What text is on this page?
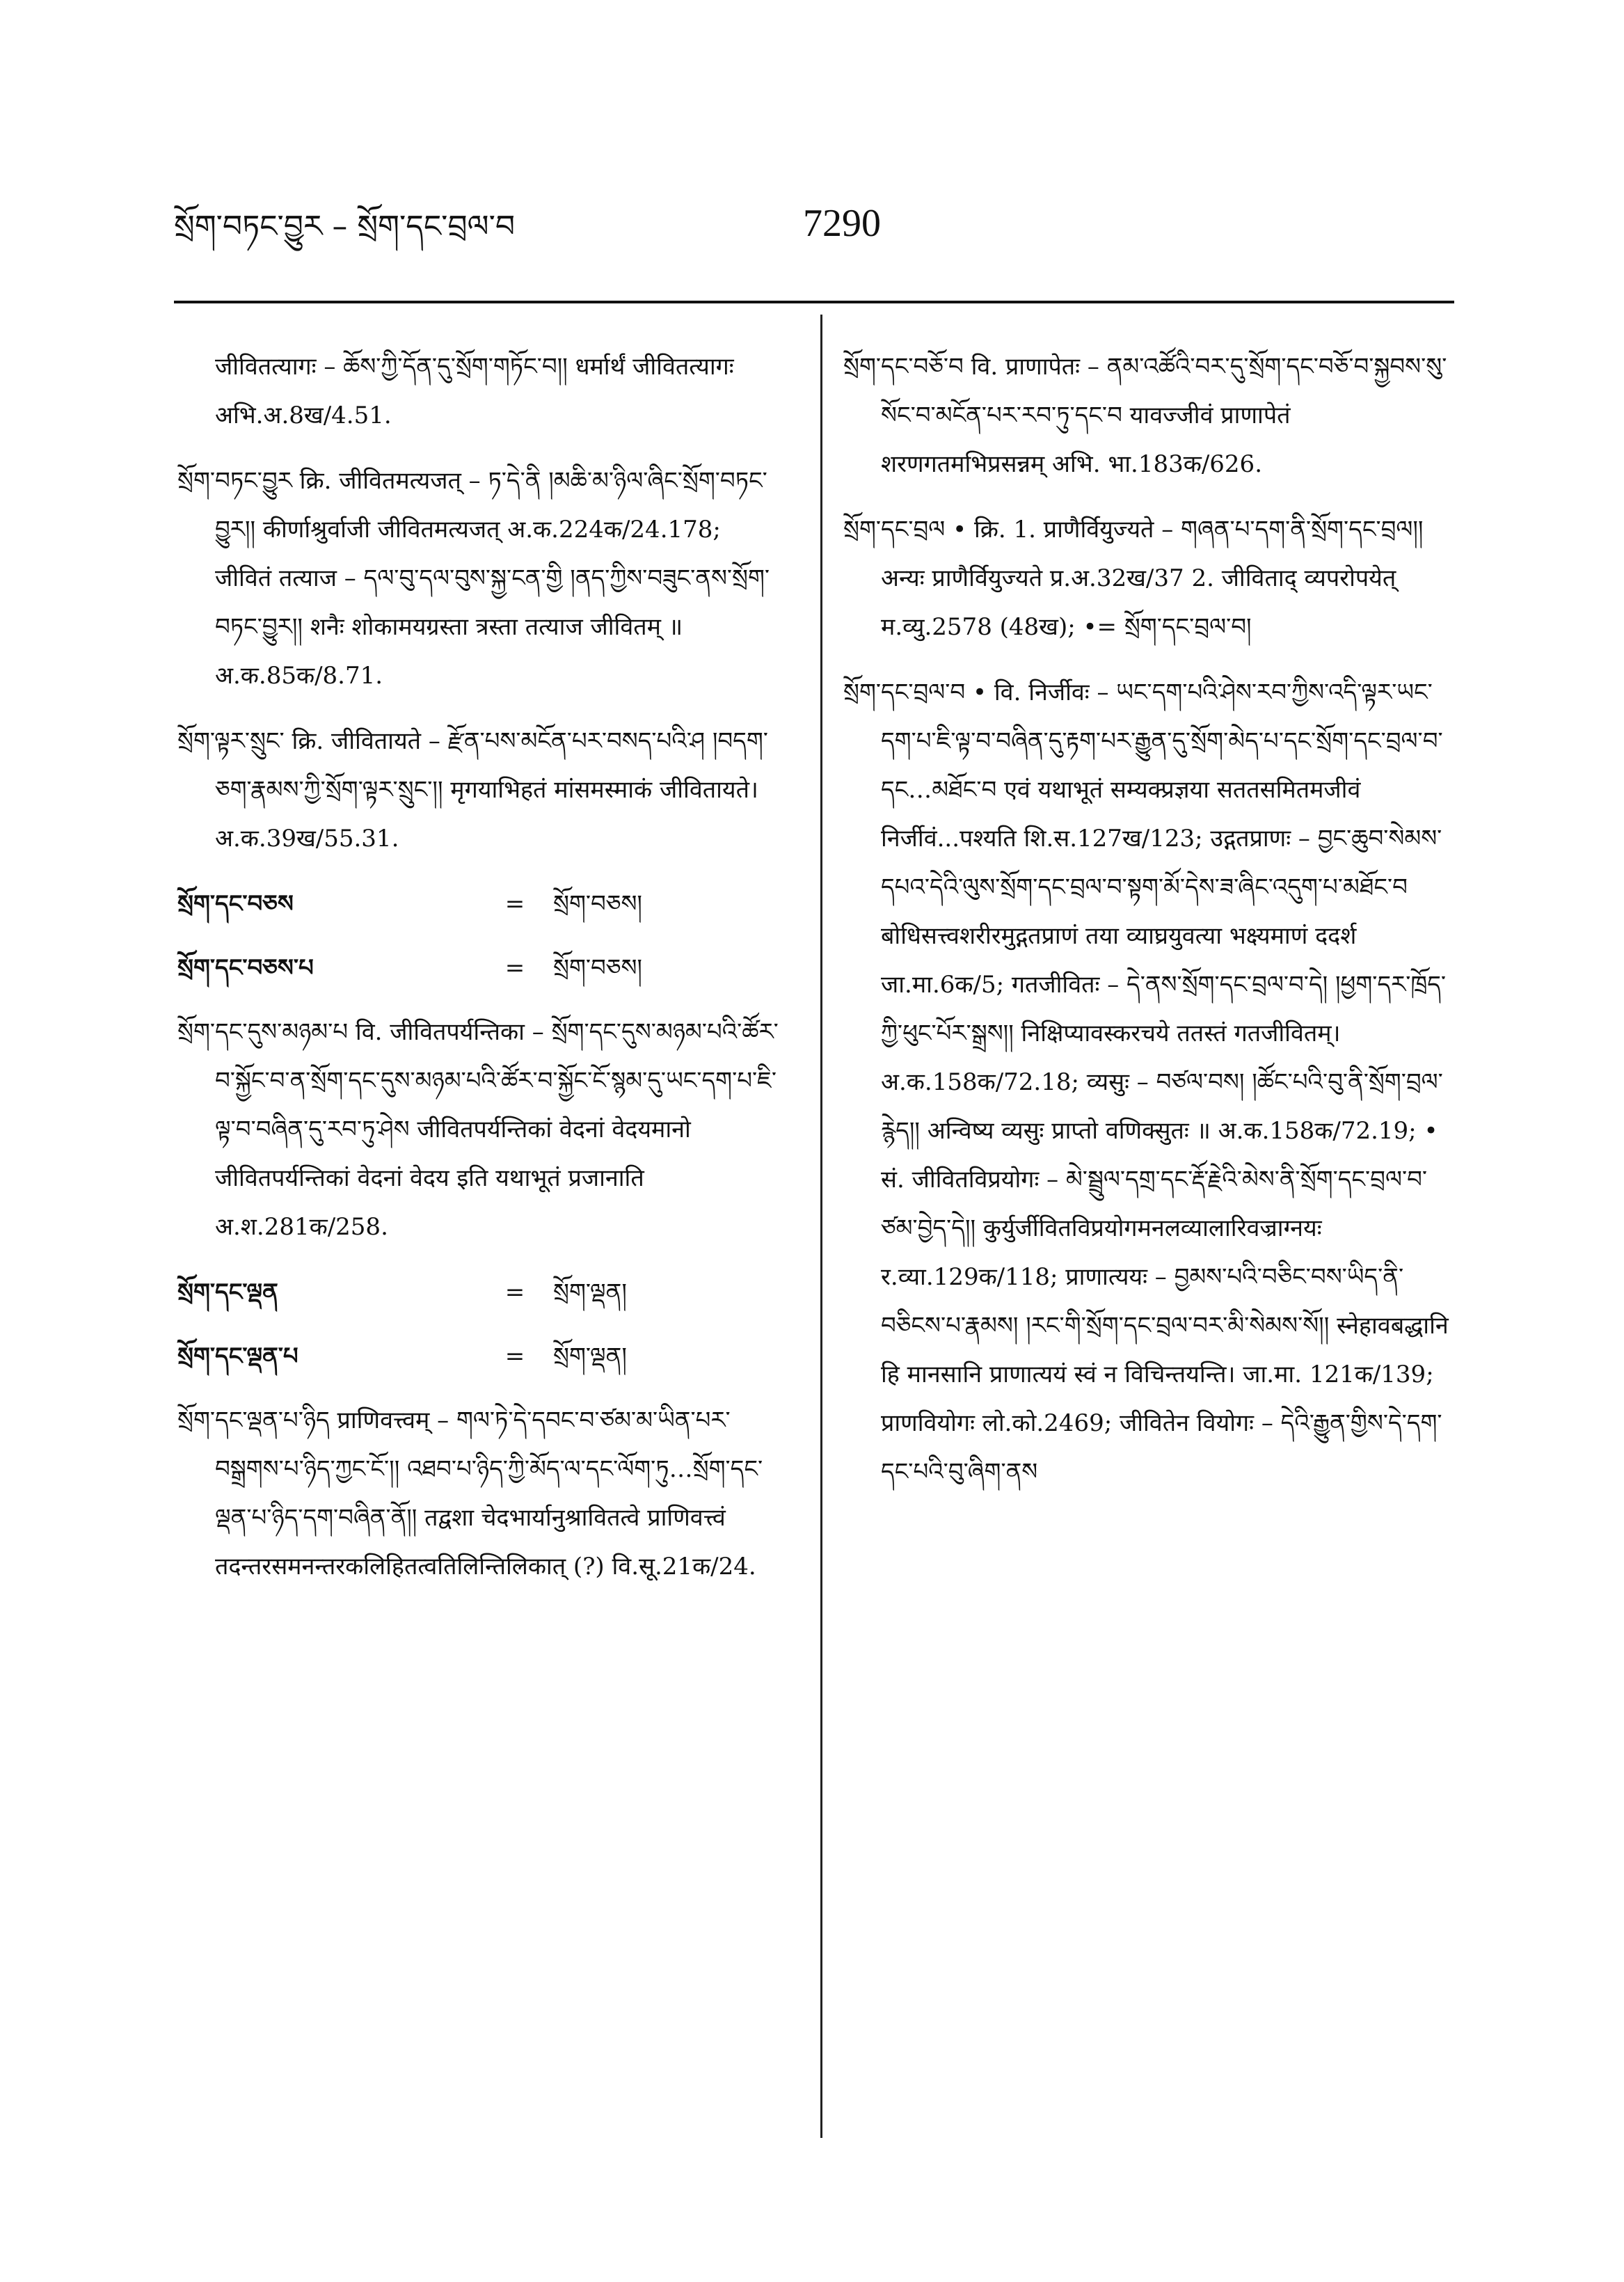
སྲོག་བཏང་བྱུར – སྲོག་དང་བྲལ་བ	7290
जीवितत्यागः – ཆོས་ཀྱི་དོན་དུ་སྲོག་གཏོང་བ།། धर्मार्थं जीवितत्यागः अभि.अ.8ख/4.51.
སྲོག་བཏང་བྱུར क्रि. जीवितमत्यजत् – ཏ་དེ་ནི །མཆི་མ་ཉིལ་ཞིང་སྲོག་བཏང་བྱུར།། कीर्णाश्रुर्वाजी जीवितमत्यजत् अ.क.224क/24.178; जीवितं तत्याज – དལ་བུ་དལ་བུས་སྐྱ་ངན་གྱི །ནད་ཀྱིས་བཟུང་ནས་སྲོག་བཏང་བྱུར།། शनैः शोकामयग्रस्ता त्रस्ता तत्याज जीवितम् ॥ अ.क.85क/8.71.
སྲོག་ལྟར་སྲུང་ क्रि. जीवितायते – རྫོན་པས་མངོན་པར་བསད་པའི་ཤ །བདག་ཅག་རྣམས་ཀྱི་སྲོག་ལྟར་སྲུང་།། मृगयाभिहतं मांसमस्माकं जीवितायते। अ.क.39ख/55.31.
སྲོག་དང་བཅས	=	སྲོག་བཅས།
སྲོག་དང་བཅས་པ	=	སྲོག་བཅས།
སྲོག་དང་དུས་མཉམ་པ वि. जीवितपर्यन्तिका – སྲོག་དང་དུས་མཉམ་པའི་ཚོར་བ་སྐྱོང་བ་ན་སྲོག་དང་དུས་མཉམ་པའི་ཚོར་བ་སྐྱོང་ངོ་སྙམ་དུ་ཡང་དག་པ་ཇི་ལྟ་བ་བཞིན་དུ་རབ་ཏུ་ཤེས जीवितपर्यन्तिकां वेदनां वेदयमानो जीवितपर्यन्तिकां वेदनां वेदय इति यथाभूतं प्रजानाति अ.श.281क/258.
སྲོག་དང་ལྡན	=	སྲོག་ལྡན།
སྲོག་དང་ལྡན་པ	=	སྲོག་ལྡན།
སྲོག་དང་ལྡན་པ་ཉིད प्राणिवत्त्वम् – གལ་ཏེ་དེ་དབང་བ་ཙམ་མ་ཡིན་པར་བསྒྲགས་པ་ཉིད་ཀྱང་ངོ་།། འཐབ་པ་ཉིད་ཀྱི་མོད་ལ་དང་ལོག་ཏུ…སྲོག་དང་ལྡན་པ་ཉིད་དག་བཞིན་ནོ།། तद्वशा चेदभार्यानुश्रावितत्वे प्राणिवत्त्वं तदन्तरसमनन्तरकलिहितत्वतिलिन्तिलिकात् (?) वि.सू.21क/24.
སྲོག་དང་བཅོ་བ वि. प्राणापेतः – ནམ་འཚོའི་བར་དུ་སྲོག་དང་བཅོ་བ་སྐྱབས་སུ་སོང་བ་མངོན་པར་རབ་ཏུ་དང་བ यावज्जीवं प्राणापेतं शरणगतमभिप्रसन्नम् अभि. भा.183क/626.
སྲོག་དང་བྲལ • क्रि. 1. प्राणैर्वियुज्यते – གཞན་པ་དག་ནི་སྲོག་དང་བྲལ།། अन्यः प्राणैर्वियुज्यते प्र.अ.32ख/37 2. जीविताद् व्यपरोपयेत् म.व्यु.2578 (48ख); •= སྲོག་དང་བྲལ་བ།
སྲོག་དང་བྲལ་བ • वि. निर्जीवः – ཡང་དག་པའི་ཤེས་རབ་ཀྱིས་འདི་ལྟར་ཡང་དག་པ་ཇི་ལྟ་བ་བཞིན་དུ་རྟག་པར་རྒྱུན་དུ་སྲོག་མེད་པ་དང་སྲོག་དང་བྲལ་བ་དང…མཐོང་བ एवं यथाभूतं सम्यक्प्रज्ञया सततसमितमजीवं निर्जीवं...पश्यति शि.स.127ख/123; उद्गतप्राणः – བྱང་ཆུབ་སེམས་དཔའ་དེའི་ལུས་སྲོག་དང་བྲལ་བ་སྟག་མོ་དེས་ཟ་ཞིང་འདུག་པ་མཐོང་བ बोधिसत्त्वशरीरमुद्गतप्राणं तया व्याघ्रयुवत्या भक्ष्यमाणं ददर्श जा.मा.6क/5; गतजीवितः – དེ་ནས་སྲོག་དང་བྲལ་བ་དེ། །ཕྱག་དར་ཁྲོད་ཀྱི་ཕུང་པོར་སྒྲས།། निक्षिप्यावस्करचये ततस्तं गतजीवितम्। अ.क.158क/72.18; व्यसुः – བཙལ་བས། །ཚོང་པའི་བུ་ནི་སྲོག་བྲལ་རྙེད།། अन्विष्य व्यसुः प्राप्तो वणिक्सुतः ॥ अ.क.158क/72.19; • सं. जीवितविप्रयोगः – མེ་སྦྲུལ་དགྲ་དང་རྡོ་རྗེའི་མེས་ནི་སྲོག་དང་བྲལ་བ་ཙམ་བྱེད་དེ།། कुर्युर्जीवितविप्रयोगमनलव्यालारिवज्राग्नयः र.व्या.129क/118; प्राणात्ययः – བྱམས་པའི་བཅིང་བས་ཡིད་ནི་བཅིངས་པ་རྣམས། །རང་གི་སྲོག་དང་བྲལ་བར་མི་སེམས་སོ།། स्नेहावबद्धानि हि मानसानि प्राणात्ययं स्वं न विचिन्तयन्ति। जा.मा. 121क/139; प्राणवियोगः लो.को.2469; जीवितेन वियोगः – དེའི་རྒྱུན་གྱིས་དེ་དག་དང་པའི་བུ་ཞིག་ནས
